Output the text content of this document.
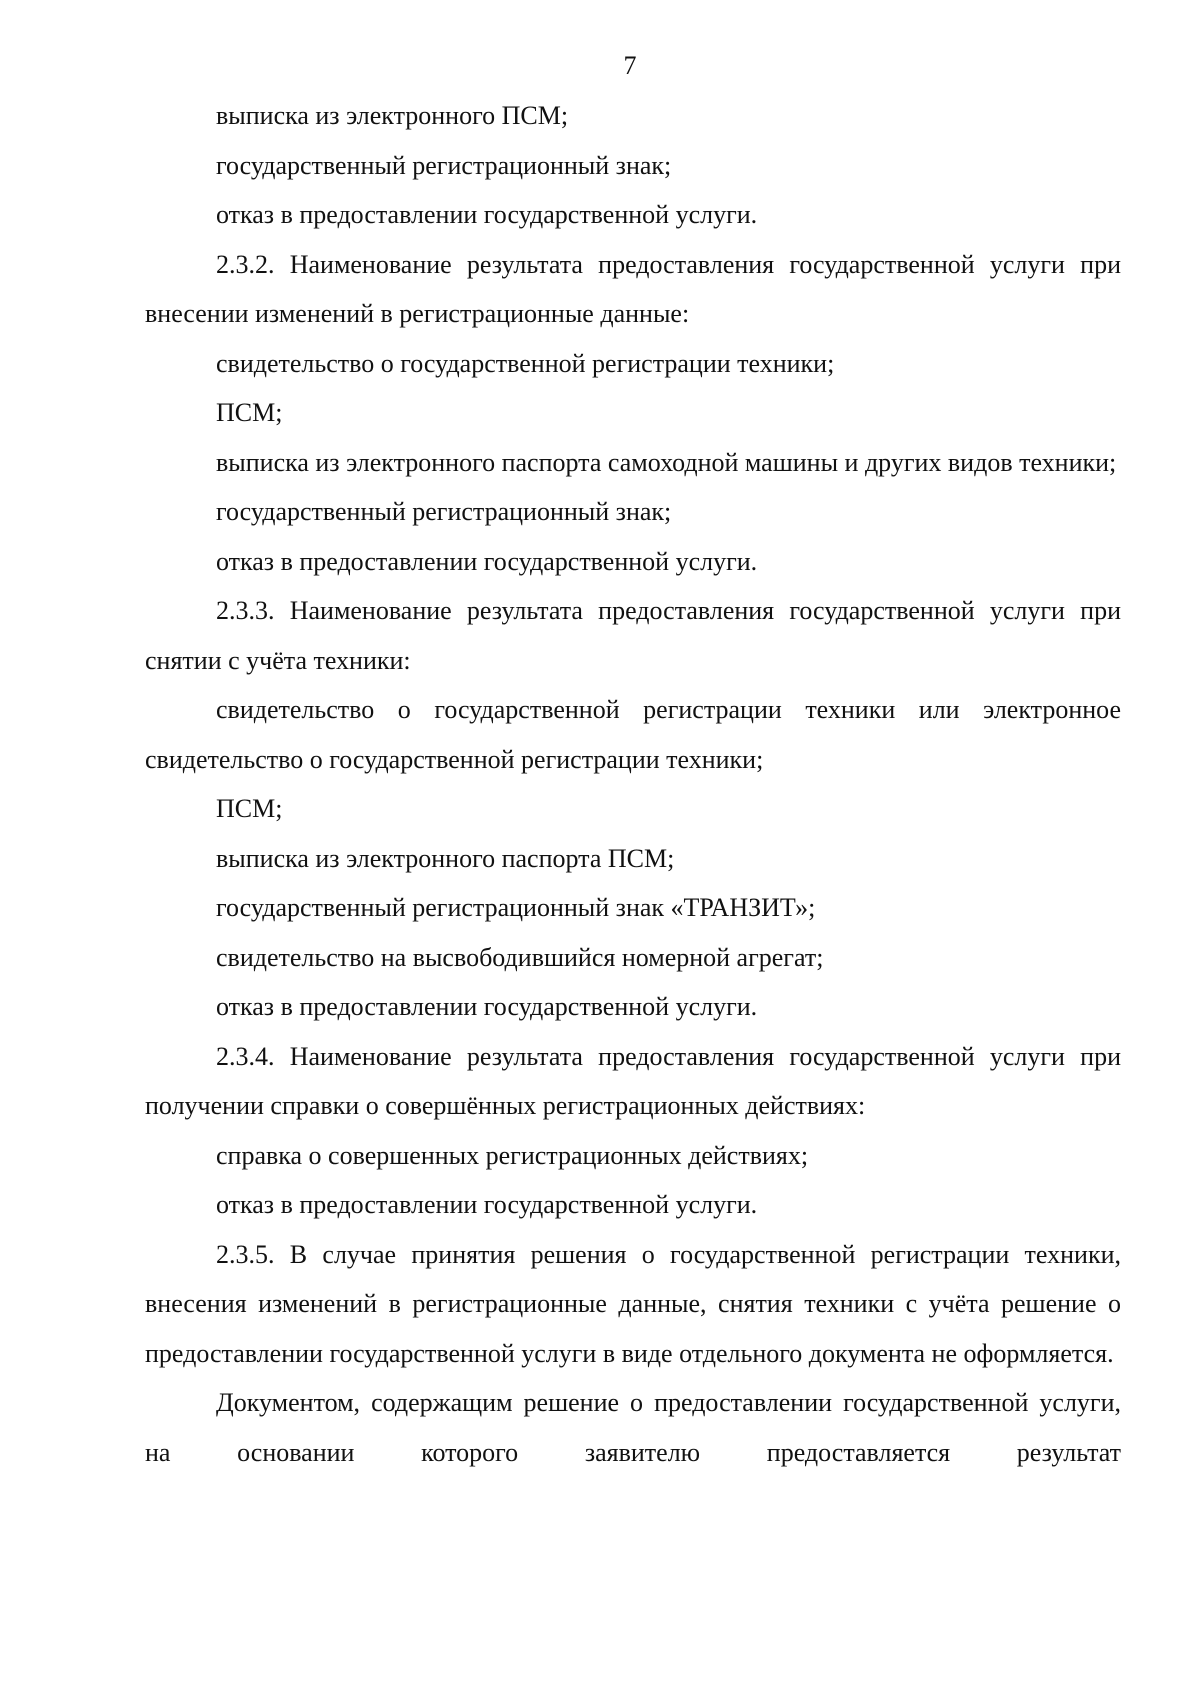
7

выписка из электронного ПСМ;

государственный регистрационный знак;

отказ в предоставлении государственной услуги.

2.3.2. Наименование результата предоставления государственной услуги при внесении изменений в регистрационные данные:

свидетельство о государственной регистрации техники;

ПСМ;

выписка из электронного паспорта самоходной машины и других видов техники;

государственный регистрационный знак;

отказ в предоставлении государственной услуги.

2.3.3. Наименование результата предоставления государственной услуги при снятии с учёта техники:

свидетельство о государственной регистрации техники или электронное свидетельство о государственной регистрации техники;

ПСМ;

выписка из электронного паспорта ПСМ;

государственный регистрационный знак «ТРАНЗИТ»;

свидетельство на высвободившийся номерной агрегат;

отказ в предоставлении государственной услуги.

2.3.4. Наименование результата предоставления государственной услуги при получении справки о совершённых регистрационных действиях:

справка о совершенных регистрационных действиях;

отказ в предоставлении государственной услуги.

2.3.5. В случае принятия решения о государственной регистрации техники, внесения изменений в регистрационные данные, снятия техники с учёта решение о предоставлении государственной услуги в виде отдельного документа не оформляется.

Документом, содержащим решение о предоставлении государственной услуги, на основании которого заявителю предоставляется результат
